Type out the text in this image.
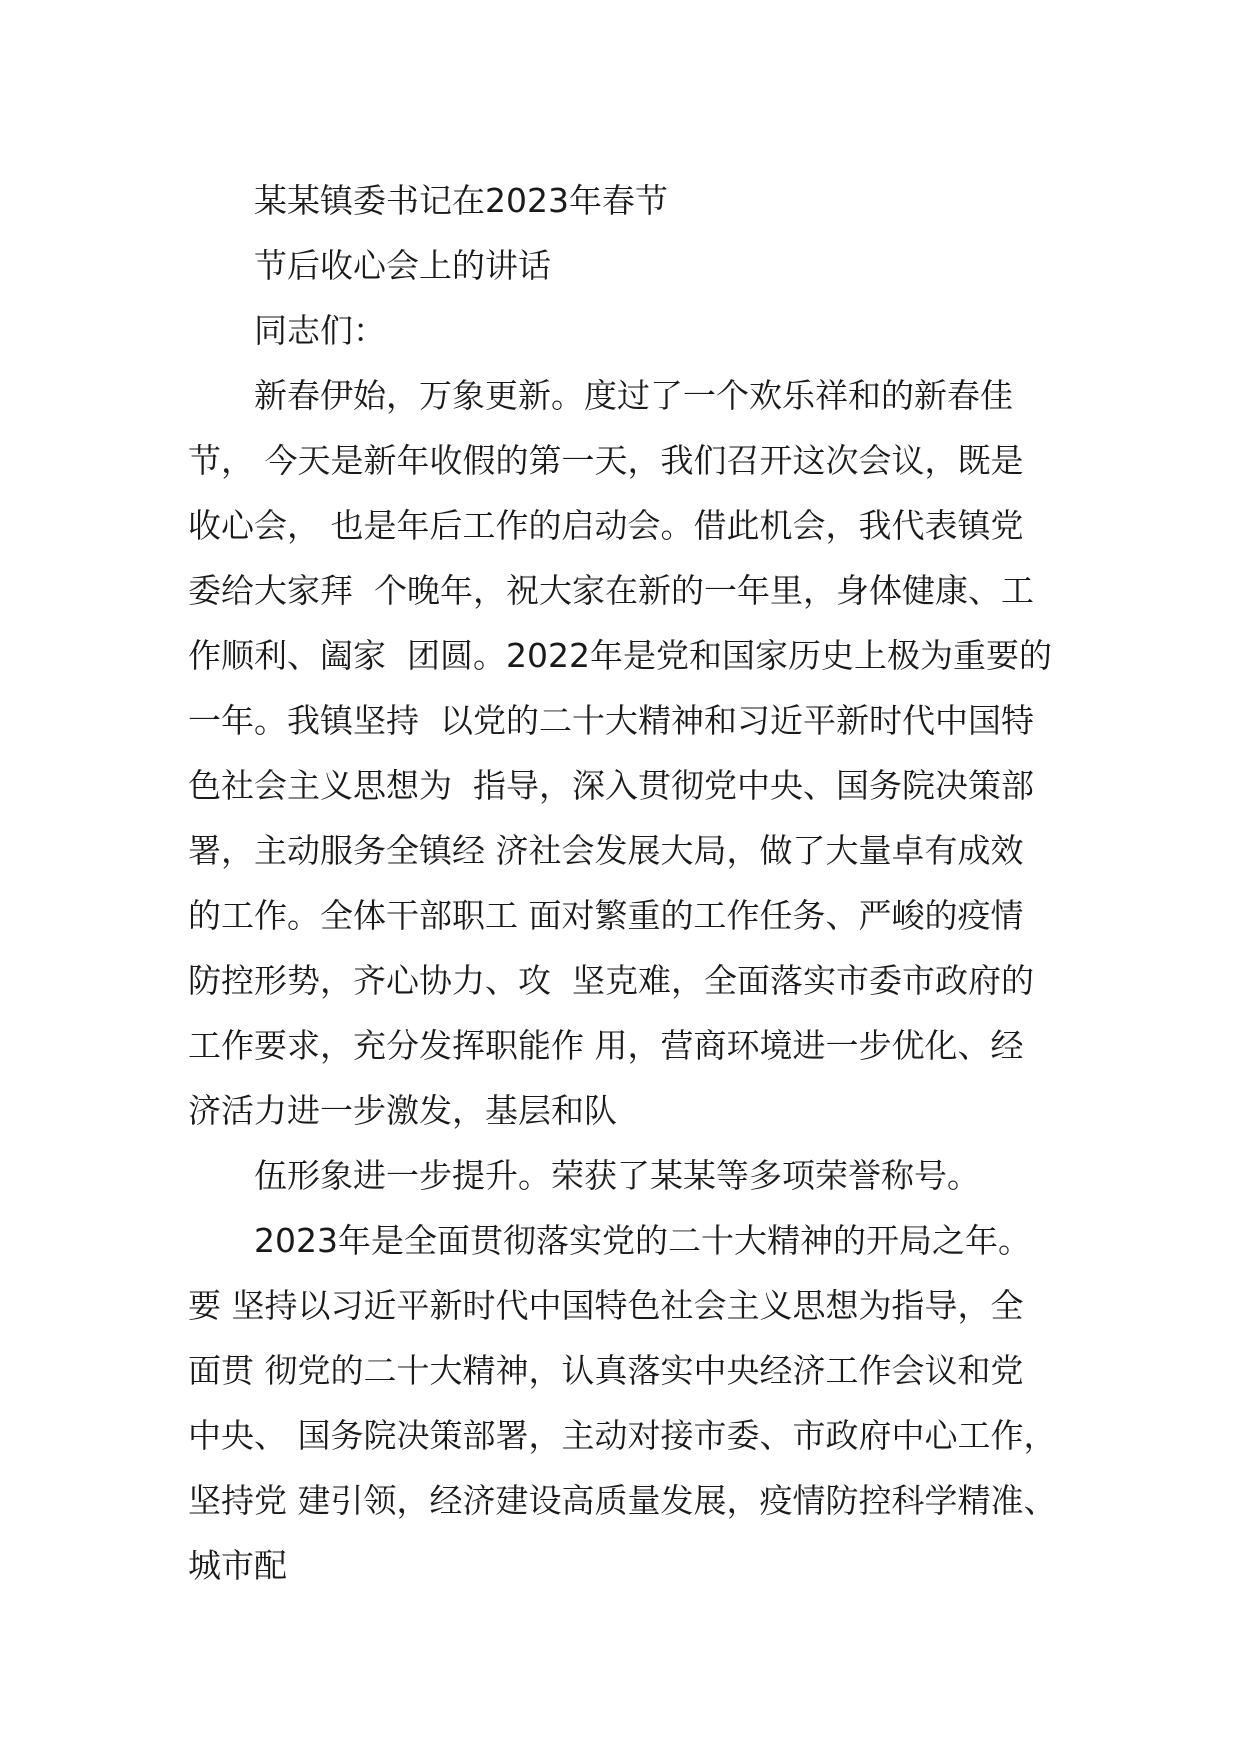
某某镇委书记在2023年春节
节后收心会上的讲话
同志们：
新春伊始，万象更新。度过了一个欢乐祥和的新春佳
节， 今天是新年收假的第一天，我们召开这次会议，既是
收心会， 也是年后工作的启动会。借此机会，我代表镇党
委给大家拜  个晚年，祝大家在新的一年里，身体健康、工
作顺利、阖家  团圆。2022年是党和国家历史上极为重要的
一年。我镇坚持  以党的二十大精神和习近平新时代中国特
色社会主义思想为  指导，深入贯彻党中央、国务院决策部
署，主动服务全镇经 济社会发展大局，做了大量卓有成效
的工作。全体干部职工 面对繁重的工作任务、严峻的疫情
防控形势，齐心协力、攻  坚克难，全面落实市委市政府的
工作要求，充分发挥职能作 用，营商环境进一步优化、经
济活力进一步激发，基层和队
伍形象进一步提升。荣获了某某等多项荣誉称号。
2023年是全面贯彻落实党的二十大精神的开局之年。
要 坚持以习近平新时代中国特色社会主义思想为指导，全
面贯 彻党的二十大精神，认真落实中央经济工作会议和党
中央、 国务院决策部署，主动对接市委、市政府中心工作，
坚持党 建引领，经济建设高质量发展，疫情防控科学精准、
城市配
